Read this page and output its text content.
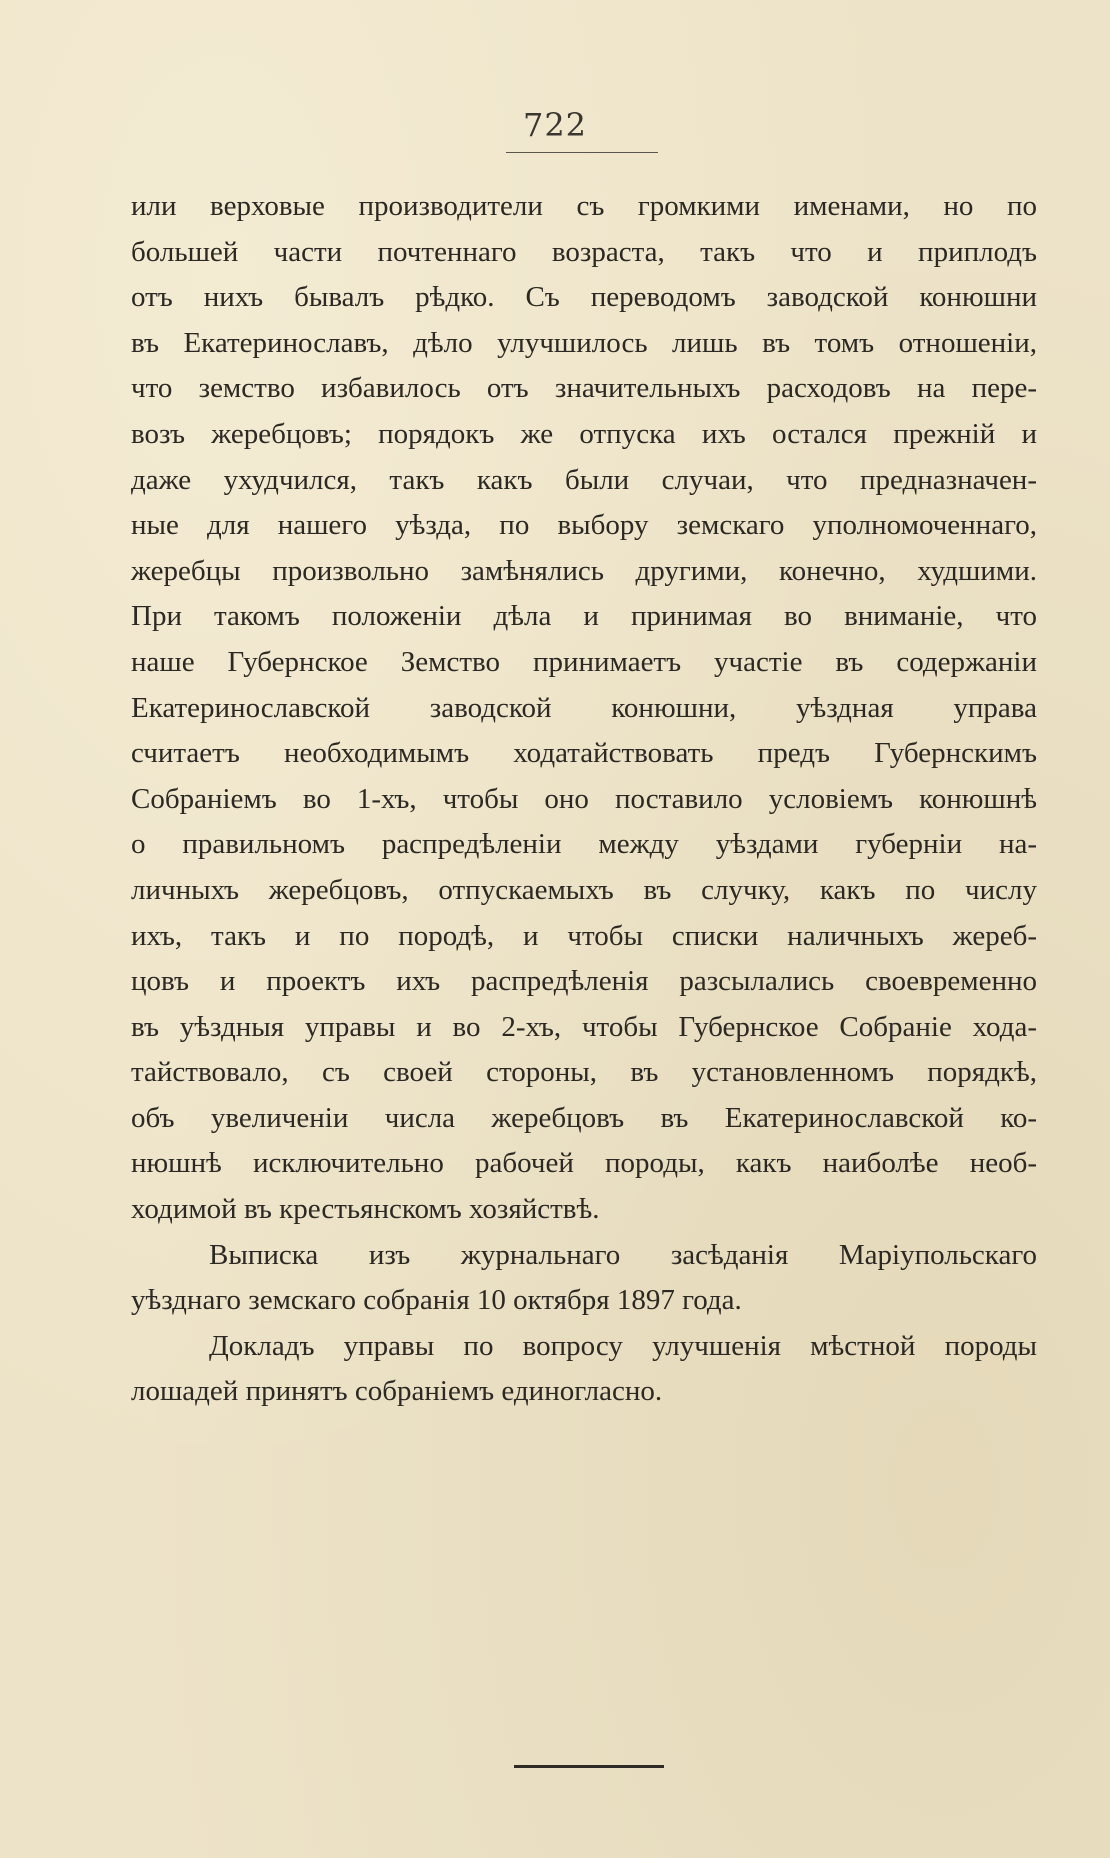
722
или верховые производители съ громкими именами, но по
большей части почтеннаго возраста, такъ что и приплодъ
отъ нихъ бывалъ рѣдко. Съ переводомъ заводской конюшни
въ Екатеринославъ, дѣло улучшилось лишь въ томъ отношеніи,
что земство избавилось отъ значительныхъ расходовъ на пере-
возъ жеребцовъ; порядокъ же отпуска ихъ остался прежній и
даже ухудчился, такъ какъ были случаи, что предназначен-
ные для нашего уѣзда, по выбору земскаго уполномоченнаго,
жеребцы произвольно замѣнялись другими, конечно, худшими.
При такомъ положеніи дѣла и принимая во вниманіе, что
наше Губернское Земство принимаетъ участіе въ содержаніи
Екатеринославской заводской конюшни, уѣздная управа
считаетъ необходимымъ ходатайствовать предъ Губернскимъ
Собраніемъ во 1-хъ, чтобы оно поставило условіемъ конюшнѣ
о правильномъ распредѣленіи между уѣздами губерніи на-
личныхъ жеребцовъ, отпускаемыхъ въ случку, какъ по числу
ихъ, такъ и по породѣ, и чтобы списки наличныхъ жереб-
цовъ и проектъ ихъ распредѣленія разсылались своевременно
въ уѣздныя управы и во 2-хъ, чтобы Губернское Собраніе хода-
тайствовало, съ своей стороны, въ установленномъ порядкѣ,
объ увеличеніи числа жеребцовъ въ Екатеринославской ко-
нюшнѣ исключительно рабочей породы, какъ наиболѣе необ-
ходимой въ крестьянскомъ хозяйствѣ.
Выписка изъ журнальнаго засѣданія Маріупольскаго
уѣзднаго земскаго собранія 10 октября 1897 года.
Докладъ управы по вопросу улучшенія мѣстной породы
лошадей принятъ собраніемъ единогласно.
